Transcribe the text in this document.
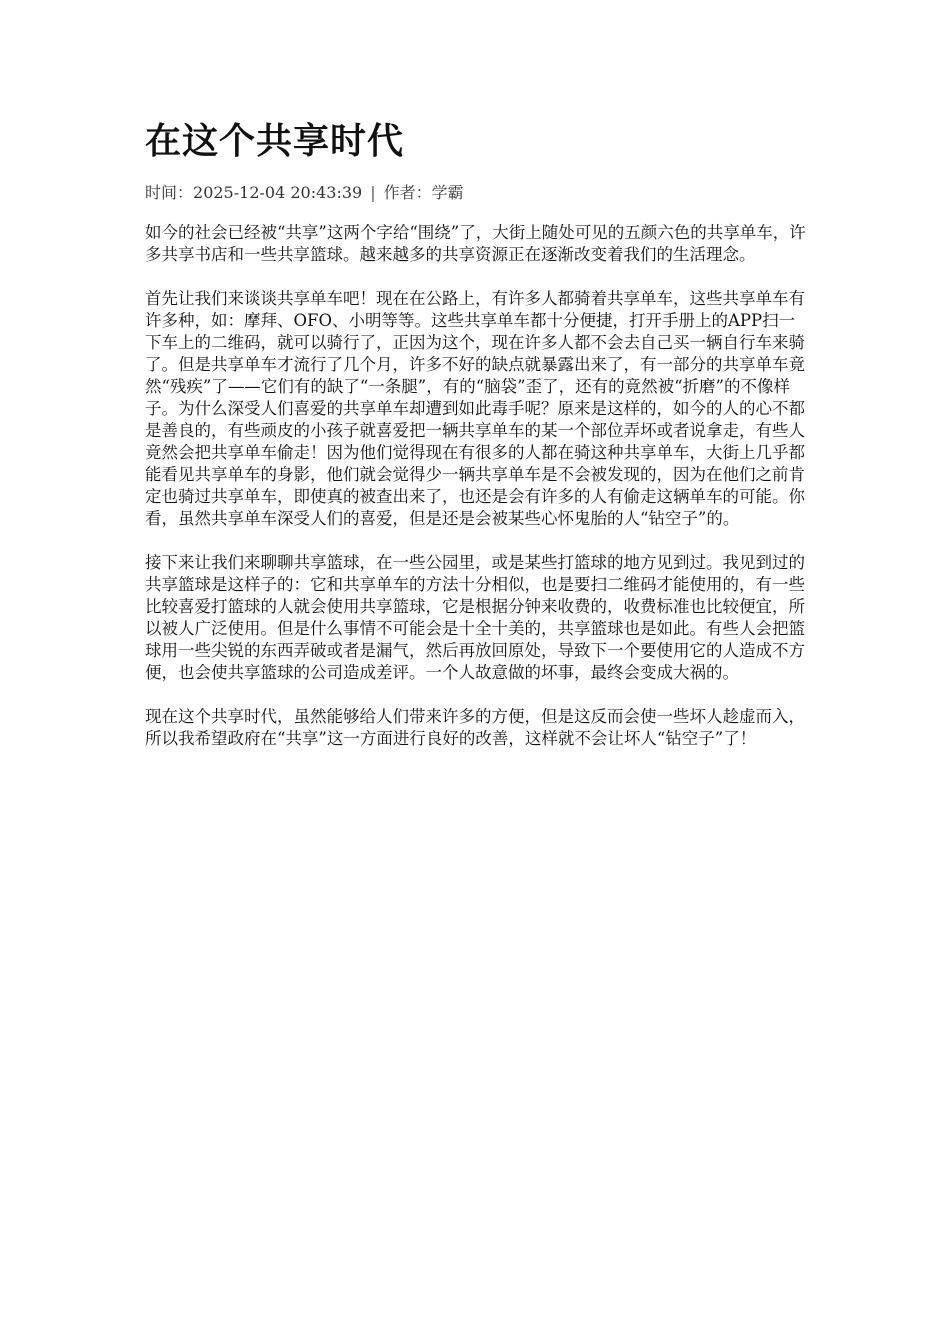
在这个共享时代
时间：2025-12-04 20:43:39 | 作者：学霸

如今的社会已经被“共享”这两个字给“围绕”了，大街上随处可见的五颜六色的共享单车，许多共享书店和一些共享篮球。越来越多的共享资源正在逐渐改变着我们的生活理念。

首先让我们来谈谈共享单车吧！现在在公路上，有许多人都骑着共享单车，这些共享单车有许多种，如：摩拜、OFO、小明等等。这些共享单车都十分便捷，打开手册上的APP扫一下车上的二维码，就可以骑行了，正因为这个，现在许多人都不会去自己买一辆自行车来骑了。但是共享单车才流行了几个月，许多不好的缺点就暴露出来了，有一部分的共享单车竟然“残疾”了——它们有的缺了“一条腿”，有的“脑袋”歪了，还有的竟然被“折磨”的不像样子。为什么深受人们喜爱的共享单车却遭到如此毒手呢？原来是这样的，如今的人的心不都是善良的，有些顽皮的小孩子就喜爱把一辆共享单车的某一个部位弄坏或者说拿走，有些人竟然会把共享单车偷走！因为他们觉得现在有很多的人都在骑这种共享单车，大街上几乎都能看见共享单车的身影，他们就会觉得少一辆共享单车是不会被发现的，因为在他们之前肯定也骑过共享单车，即使真的被查出来了，也还是会有许多的人有偷走这辆单车的可能。你看，虽然共享单车深受人们的喜爱，但是还是会被某些心怀鬼胎的人“钻空子”的。

接下来让我们来聊聊共享篮球，在一些公园里，或是某些打篮球的地方见到过。我见到过的共享篮球是这样子的：它和共享单车的方法十分相似，也是要扫二维码才能使用的，有一些比较喜爱打篮球的人就会使用共享篮球，它是根据分钟来收费的，收费标准也比较便宜，所以被人广泛使用。但是什么事情不可能会是十全十美的，共享篮球也是如此。有些人会把篮球用一些尖锐的东西弄破或者是漏气，然后再放回原处，导致下一个要使用它的人造成不方便，也会使共享篮球的公司造成差评。一个人故意做的坏事，最终会变成大祸的。

现在这个共享时代，虽然能够给人们带来许多的方便，但是这反而会使一些坏人趁虚而入，所以我希望政府在“共享”这一方面进行良好的改善，这样就不会让坏人“钻空子”了！
